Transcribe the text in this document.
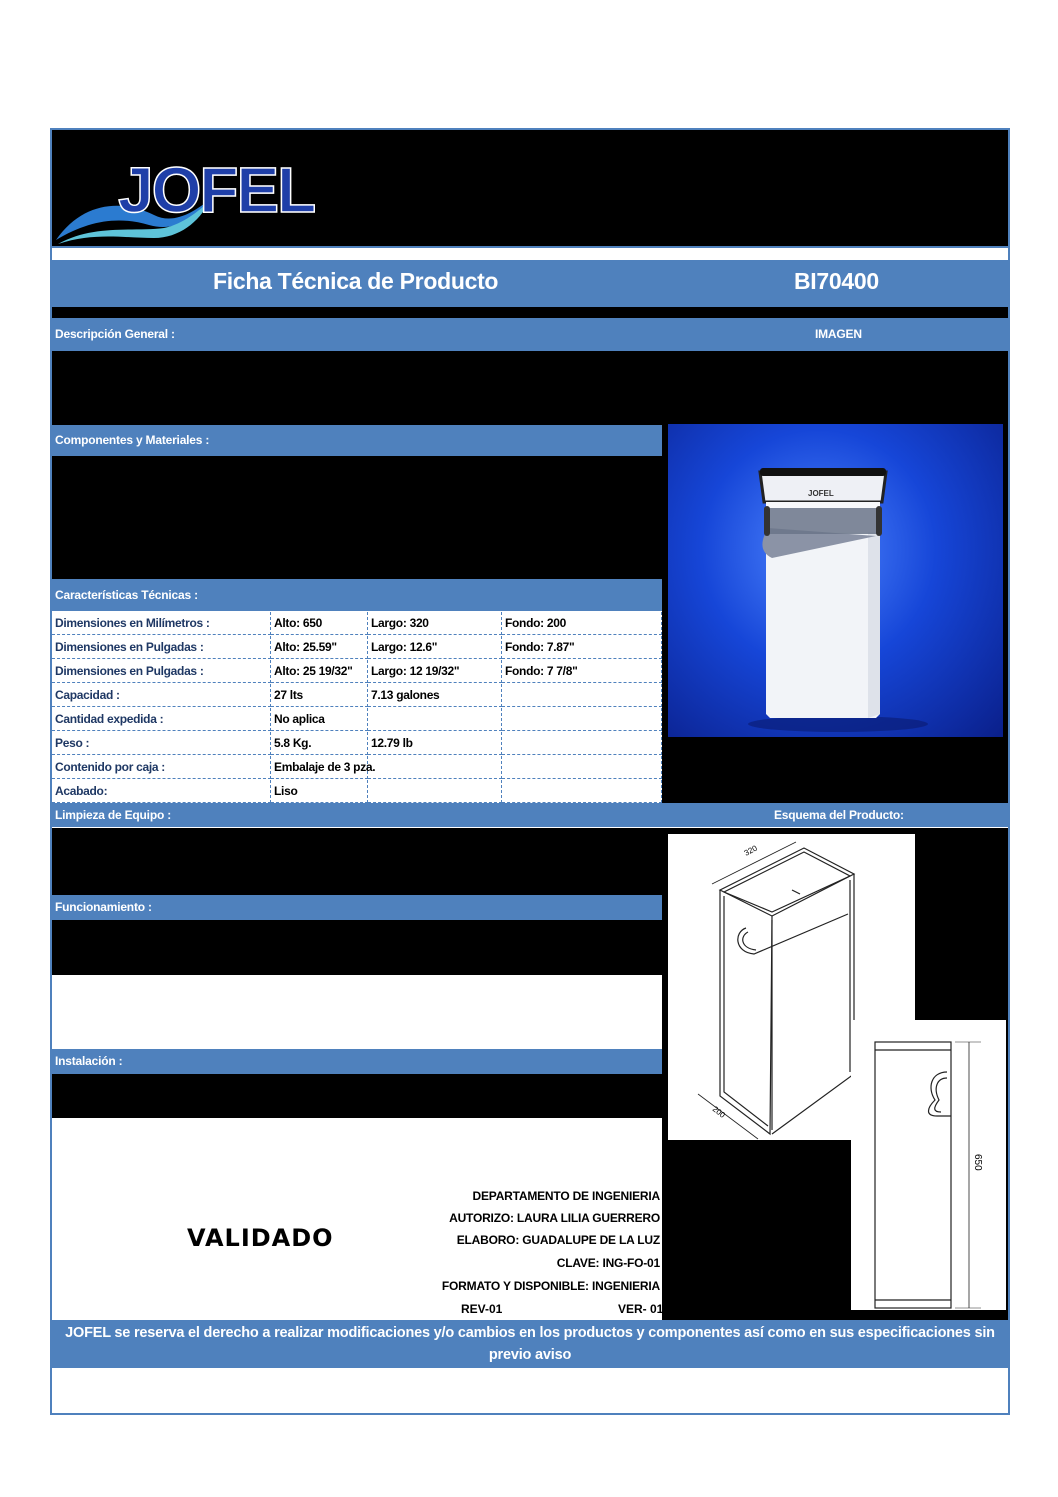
JOFEL
Ficha Técnica de Producto	BI70400
Descripción General :	IMAGEN
Componentes y Materiales :
Características Técnicas :
Dimensiones en Milímetros :	Alto: 650	Largo: 320	Fondo: 200
Dimensiones en Pulgadas :	Alto: 25.59"	Largo: 12.6"	Fondo: 7.87"
Dimensiones en Pulgadas :	Alto: 25 19/32"	Largo: 12 19/32"	Fondo: 7 7/8"
Capacidad :	27 lts	7.13 galones
Cantidad expedida :	No aplica
Peso :	5.8 Kg.	12.79 lb
Contenido por caja :	Embalaje de 3 pza.
Acabado:	Liso
JOFEL
Limpieza de Equipo :	Esquema del Producto:
Funcionamiento :
Instalación :
320
200
650
VALIDADO
DEPARTAMENTO DE INGENIERIA
AUTORIZO: LAURA LILIA GUERRERO
ELABORO: GUADALUPE DE LA LUZ
CLAVE: ING-FO-01
FORMATO Y DISPONIBLE: INGENIERIA
REV-01	VER- 01
JOFEL se reserva el derecho a realizar modificaciones y/o cambios en los productos y componentes así como en sus especificaciones sin
previo aviso
